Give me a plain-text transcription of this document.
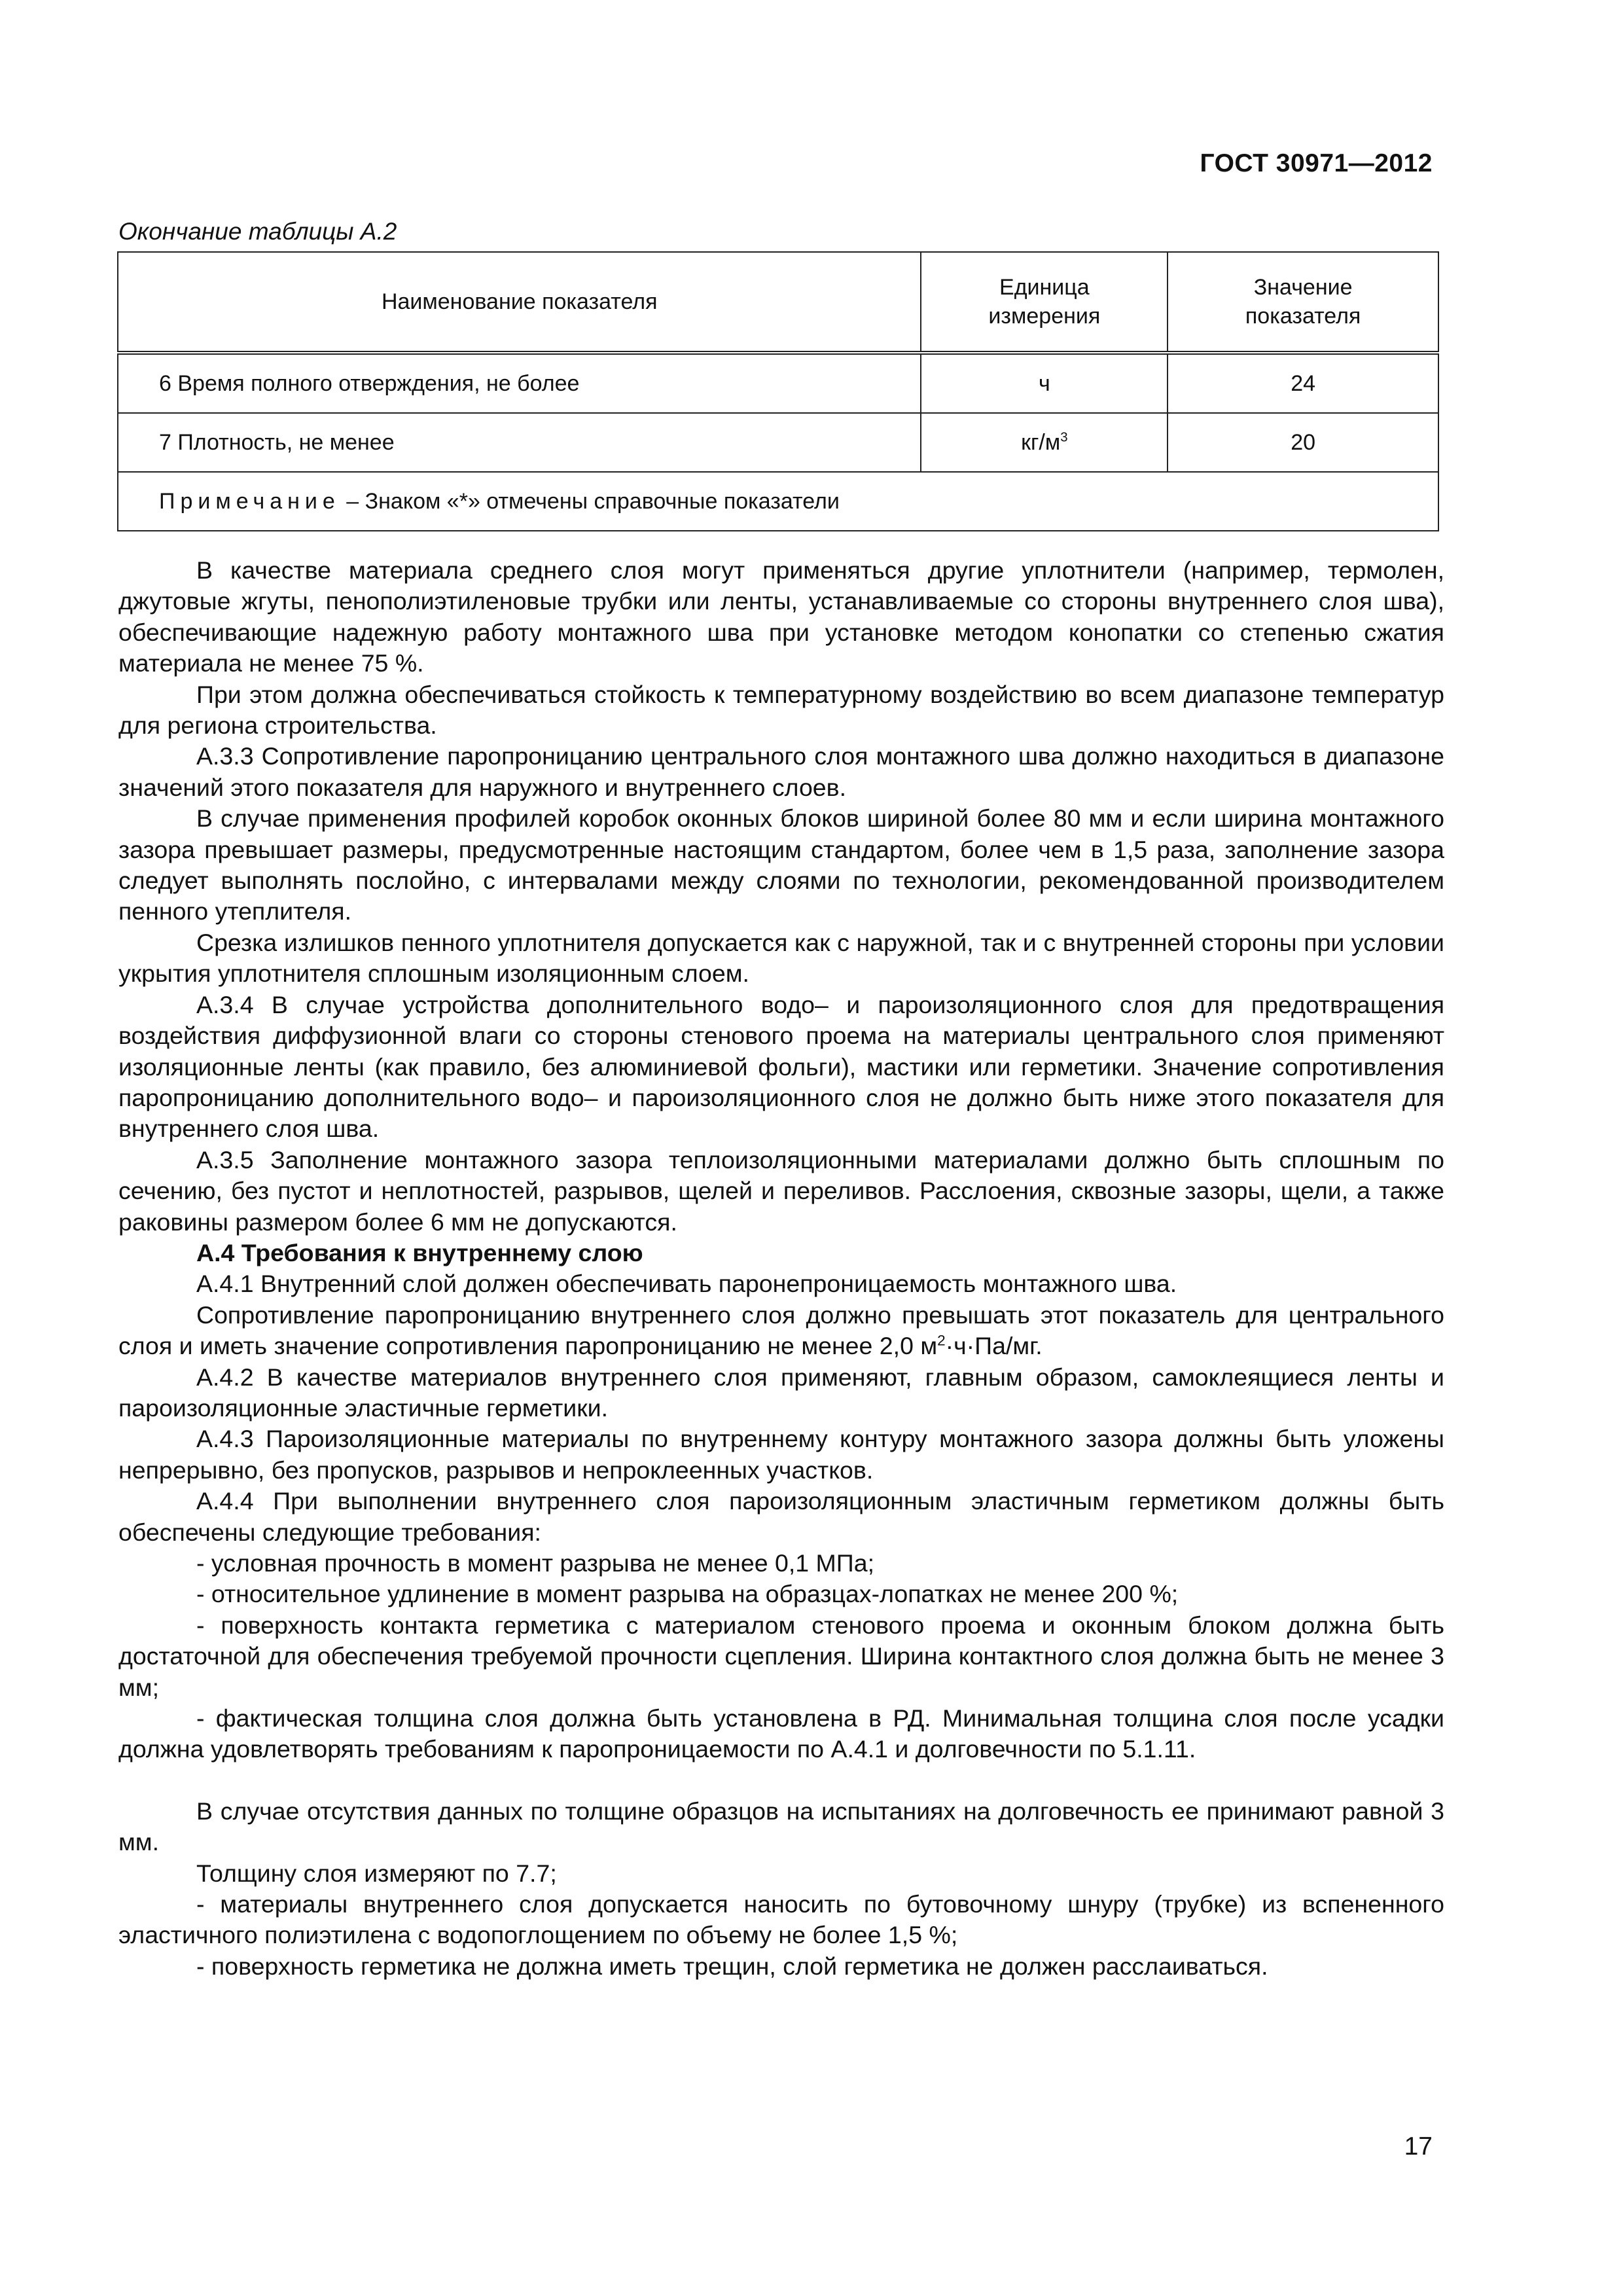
ГОСТ 30971—2012
Окончание таблицы А.2
Наименование показателя	Единица измерения	Значение показателя

6 Время полного отверждения, не более	ч	24
7 Плотность, не менее	$кг/м^3$	20
Примечание – Знаком «*» отмечены справочные показатели		

В качестве материала среднего слоя могут применяться другие уплотнители (например, термолен, джутовые жгуты, пенополиэтиленовые трубки или ленты, устанавливаемые со стороны внутреннего слоя шва), обеспечивающие надежную работу монтажного шва при установке методом конопатки со степенью сжатия материала не менее 75 %.

При этом должна обеспечиваться стойкость к температурному воздействию во всем диапазоне температур для региона строительства.

А.3.3 Сопротивление паропроницанию центрального слоя монтажного шва должно находиться в диапазоне значений этого показателя для наружного и внутреннего слоев.

В случае применения профилей коробок оконных блоков шириной более 80 мм и если ширина монтажного зазора превышает размеры, предусмотренные настоящим стандартом, более чем в 1,5 раза, заполнение зазора следует выполнять послойно, с интервалами между слоями по технологии, рекомендованной производителем пенного утеплителя.

Срезка излишков пенного уплотнителя допускается как с наружной, так и с внутренней стороны при условии укрытия уплотнителя сплошным изоляционным слоем.

А.3.4 В случае устройства дополнительного водо– и пароизоляционного слоя для предотвращения воздействия диффузионной влаги со стороны стенового проема на материалы центрального слоя применяют изоляционные ленты (как правило, без алюминиевой фольги), мастики или герметики. Значение сопротивления паропроницанию дополнительного водо– и пароизоляционного слоя не должно быть ниже этого показателя для внутреннего слоя шва.

А.3.5 Заполнение монтажного зазора теплоизоляционными материалами должно быть сплошным по сечению, без пустот и неплотностей, разрывов, щелей и переливов. Расслоения, сквозные зазоры, щели, а также раковины размером более 6 мм не допускаются.

А.4 Требования к внутреннему слою

А.4.1 Внутренний слой должен обеспечивать паронепроницаемость монтажного шва.

Сопротивление паропроницанию внутреннего слоя должно превышать этот показатель для центрального слоя и иметь значение сопротивления паропроницанию не менее 2,0 $м^2\cdot ч\cdot Па/мг$.

А.4.2 В качестве материалов внутреннего слоя применяют, главным образом, самоклеящиеся ленты и пароизоляционные эластичные герметики.

А.4.3 Пароизоляционные материалы по внутреннему контуру монтажного зазора должны быть уложены непрерывно, без пропусков, разрывов и непроклеенных участков.

А.4.4 При выполнении внутреннего слоя пароизоляционным эластичным герметиком должны быть обеспечены следующие требования:

- условная прочность в момент разрыва не менее 0,1 МПа;

- относительное удлинение в момент разрыва на образцах-лопатках не менее 200 %;

- поверхность контакта герметика с материалом стенового проема и оконным блоком должна быть достаточной для обеспечения требуемой прочности сцепления. Ширина контактного слоя должна быть не менее 3 мм;

- фактическая толщина слоя должна быть установлена в РД. Минимальная толщина слоя после усадки должна удовлетворять требованиям к паропроницаемости по А.4.1 и долговечности по 5.1.11.

В случае отсутствия данных по толщине образцов на испытаниях на долговечность ее принимают равной 3 мм.

Толщину слоя измеряют по 7.7;

- материалы внутреннего слоя допускается наносить по бутовочному шнуру (трубке) из вспененного эластичного полиэтилена с водопоглощением по объему не более 1,5 %;

- поверхность герметика не должна иметь трещин, слой герметика не должен расслаиваться.

17
